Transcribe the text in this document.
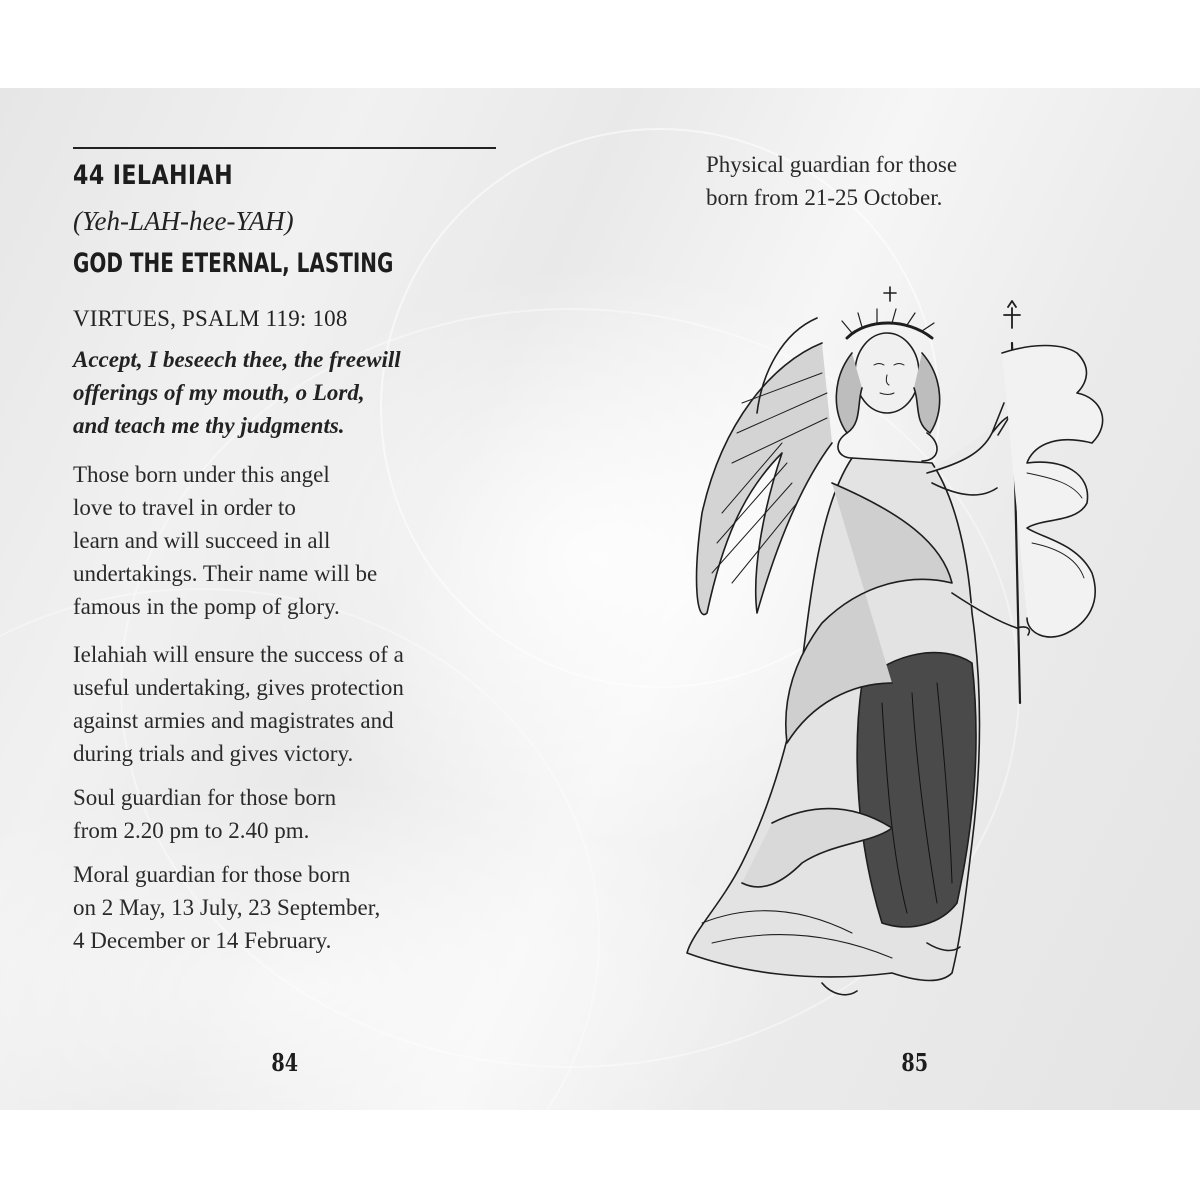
44 IELAHIAH
(Yeh-LAH-hee-YAH)
GOD THE ETERNAL, LASTING
VIRTUES, PSALM 119: 108
Accept, I beseech thee, the freewill
offerings of my mouth, o Lord,
and teach me thy judgments.
Those born under this angel
love to travel in order to
learn and will succeed in all
undertakings. Their name will be
famous in the pomp of glory.
Ielahiah will ensure the success of a
useful undertaking, gives protection
against armies and magistrates and
during trials and gives victory.
Soul guardian for those born
from 2.20 pm to 2.40 pm.
Moral guardian for those born
on 2 May, 13 July, 23 September,
4 December or 14 February.
84
Physical guardian for those
born from 21-25 October.
85
